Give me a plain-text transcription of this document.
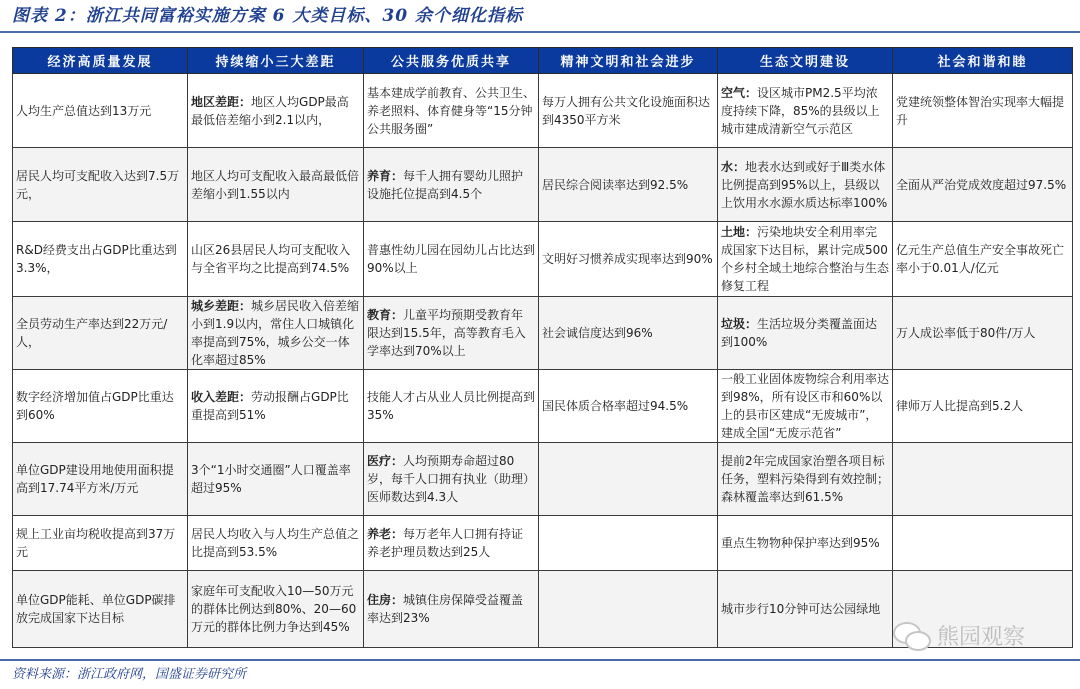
图表 2：浙江共同富裕实施方案 6 大类目标、30 余个细化指标
经济高质量发展	持续缩小三大差距	公共服务优质共享	精神文明和社会进步	生态文明建设	社会和谐和睦
人均生产总值达到13万元	地区差距：地区人均GDP最高最低倍差缩小到2.1以内，	基本建成学前教育、公共卫生、养老照料、体育健身等“15分钟公共服务圈”	每万人拥有公共文化设施面积达到4350平方米	空气：设区城市PM2.5平均浓度持续下降，85%的县级以上城市建成清新空气示范区	党建统领整体智治实现率大幅提升
居民人均可支配收入达到7.5万元，	地区人均可支配收入最高最低倍差缩小到1.55以内	养育：每千人拥有婴幼儿照护设施托位提高到4.5个	居民综合阅读率达到92.5%	水：地表水达到或好于Ⅲ类水体比例提高到95%以上，县级以上饮用水水源水质达标率100%	全面从严治党成效度超过97.5%
R&D经费支出占GDP比重达到3.3%，	山区26县居民人均可支配收入与全省平均之比提高到74.5%	普惠性幼儿园在园幼儿占比达到90%以上	文明好习惯养成实现率达到90%	土地：污染地块安全利用率完成国家下达目标，累计完成500个乡村全域土地综合整治与生态修复工程	亿元生产总值生产安全事故死亡率小于0.01人/亿元
全员劳动生产率达到22万元/人，	城乡差距：城乡居民收入倍差缩小到1.9以内，常住人口城镇化率提高到75%，城乡公交一体化率超过85%	教育：儿童平均预期受教育年限达到15.5年，高等教育毛入学率达到70%以上	社会诚信度达到96%	垃圾：生活垃圾分类覆盖面达到100%	万人成讼率低于80件/万人
数字经济增加值占GDP比重达到60%	收入差距：劳动报酬占GDP比重提高到51%	技能人才占从业人员比例提高到35%	国民体质合格率超过94.5%	一般工业固体废物综合利用率达到98%，所有设区市和60%以上的县市区建成“无废城市”，建成全国“无废示范省”	律师万人比提高到5.2人
单位GDP建设用地使用面积提高到17.74平方米/万元	3个“1小时交通圈”人口覆盖率超过95%	医疗：人均预期寿命超过80岁，每千人口拥有执业（助理）医师数达到4.3人		提前2年完成国家治塑各项目标任务，塑料污染得到有效控制；森林覆盖率达到61.5%	
规上工业亩均税收提高到37万元	居民人均收入与人均生产总值之比提高到53.5%	养老：每万老年人口拥有持证养老护理员数达到25人		重点生物物种保护率达到95%	
单位GDP能耗、单位GDP碳排放完成国家下达目标	家庭年可支配收入10—50万元的群体比例达到80%、20—60万元的群体比例力争达到45%	住房：城镇住房保障受益覆盖率达到23%		城市步行10分钟可达公园绿地	
资料来源：浙江政府网，国盛证券研究所
熊园观察
